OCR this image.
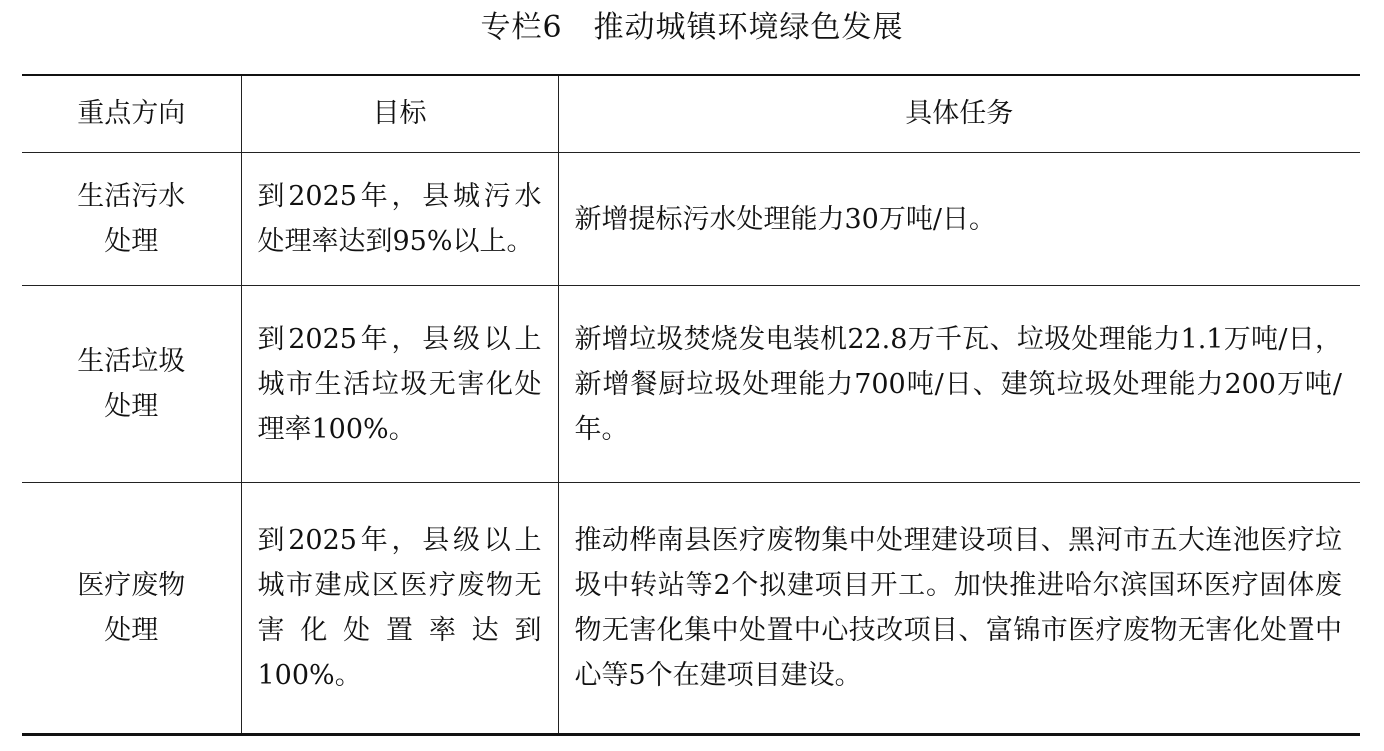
专栏6　推动城镇环境绿色发展
重点方向	目标	具体任务

生活污水
处理	到2025年，县城污水处理率达到95%以上。	新增提标污水处理能力30万吨/日。

生活垃圾
处理	到2025年，县级以上城市生活垃圾无害化处理率100%。	新增垃圾焚烧发电装机22.8万千瓦、垃圾处理能力1.1万吨/日，新增餐厨垃圾处理能力700吨/日、建筑垃圾处理能力200万吨/年。

医疗废物
处理	到2025年，县级以上城市建成区医疗废物无害化处置率达到100%。	推动桦南县医疗废物集中处理建设项目、黑河市五大连池医疗垃圾中转站等2个拟建项目开工。加快推进哈尔滨国环医疗固体废物无害化集中处置中心技改项目、富锦市医疗废物无害化处置中心等5个在建项目建设。
